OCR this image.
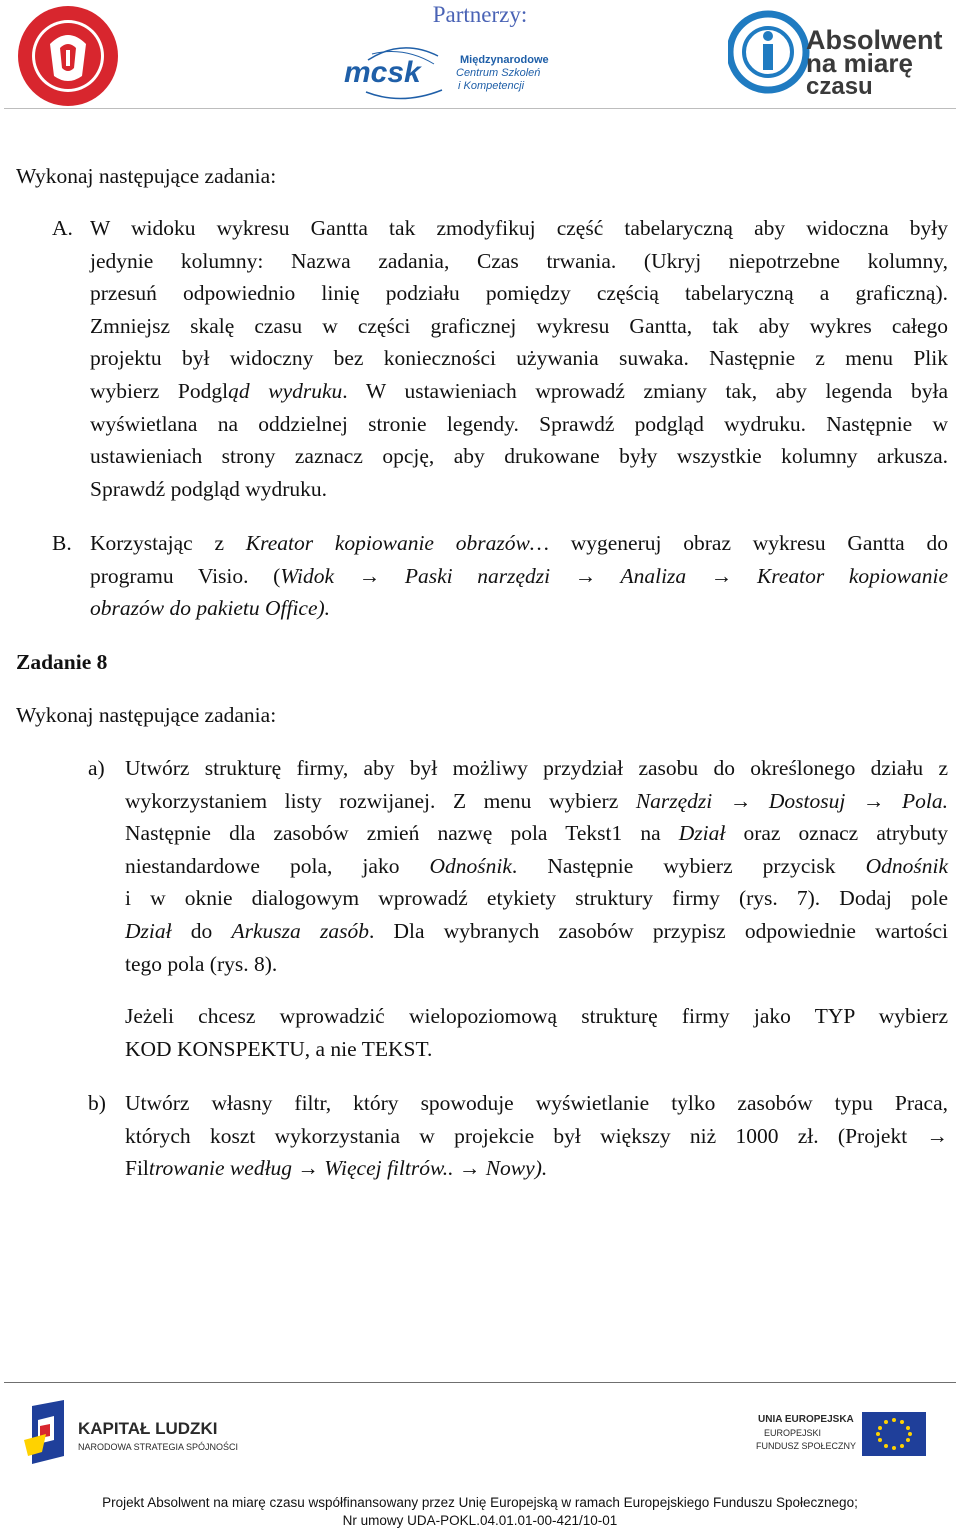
Partnerzy:
mcsk	Międzynarodowe
Centrum Szkoleń
i Kompetencji
Absolwent
na miarę
czasu
Wykonaj następujące zadania:
A. W widoku wykresu Gantta tak zmodyfikuj część tabelaryczną aby widoczna były
jedynie kolumny: Nazwa zadania, Czas trwania. (Ukryj niepotrzebne kolumny,
przesuń odpowiednio linię podziału pomiędzy częścią tabelaryczną a graficzną).
Zmniejsz skalę czasu w części graficznej wykresu Gantta, tak aby wykres całego
projektu był widoczny bez konieczności używania suwaka. Następnie z menu Plik
wybierz Podgląd wydruku. W ustawieniach wprowadź zmiany tak, aby legenda była
wyświetlana na oddzielnej stronie legendy. Sprawdź podgląd wydruku. Następnie w
ustawieniach strony zaznacz opcję, aby drukowane były wszystkie kolumny arkusza.
Sprawdź podgląd wydruku.
B. Korzystając z Kreator kopiowanie obrazów… wygeneruj obraz wykresu Gantta do
programu Visio. (Widok → Paski narzędzi → Analiza → Kreator kopiowanie
obrazów do pakietu Office).
Zadanie 8
Wykonaj następujące zadania:
a) Utwórz strukturę firmy, aby był możliwy przydział zasobu do określonego działu z
wykorzystaniem listy rozwijanej. Z menu wybierz Narzędzi → Dostosuj → Pola.
Następnie dla zasobów zmień nazwę pola Tekst1 na Dział oraz oznacz atrybuty
niestandardowe pola, jako Odnośnik. Następnie wybierz przycisk Odnośnik
i w oknie dialogowym wprowadź etykiety struktury firmy (rys. 7). Dodaj pole
Dział do Arkusza zasób. Dla wybranych zasobów przypisz odpowiednie wartości
tego pola (rys. 8).
Jeżeli chcesz wprowadzić wielopoziomową strukturę firmy jako TYP wybierz
KOD KONSPEKTU, a nie TEKST.
b) Utwórz własny filtr, który spowoduje wyświetlanie tylko zasobów typu Praca,
których koszt wykorzystania w projekcie był większy niż 1000 zł. (Projekt →
Filtrowanie według → Więcej filtrów.. → Nowy).
KAPITAŁ LUDZKI
NARODOWA STRATEGIA SPÓJNOŚCI
UNIA EUROPEJSKA
EUROPEJSKI
FUNDUSZ SPOŁECZNY
Projekt Absolwent na miarę czasu współfinansowany przez Unię Europejską w ramach Europejskiego Funduszu Społecznego;
Nr umowy UDA-POKL.04.01.01-00-421/10-01
